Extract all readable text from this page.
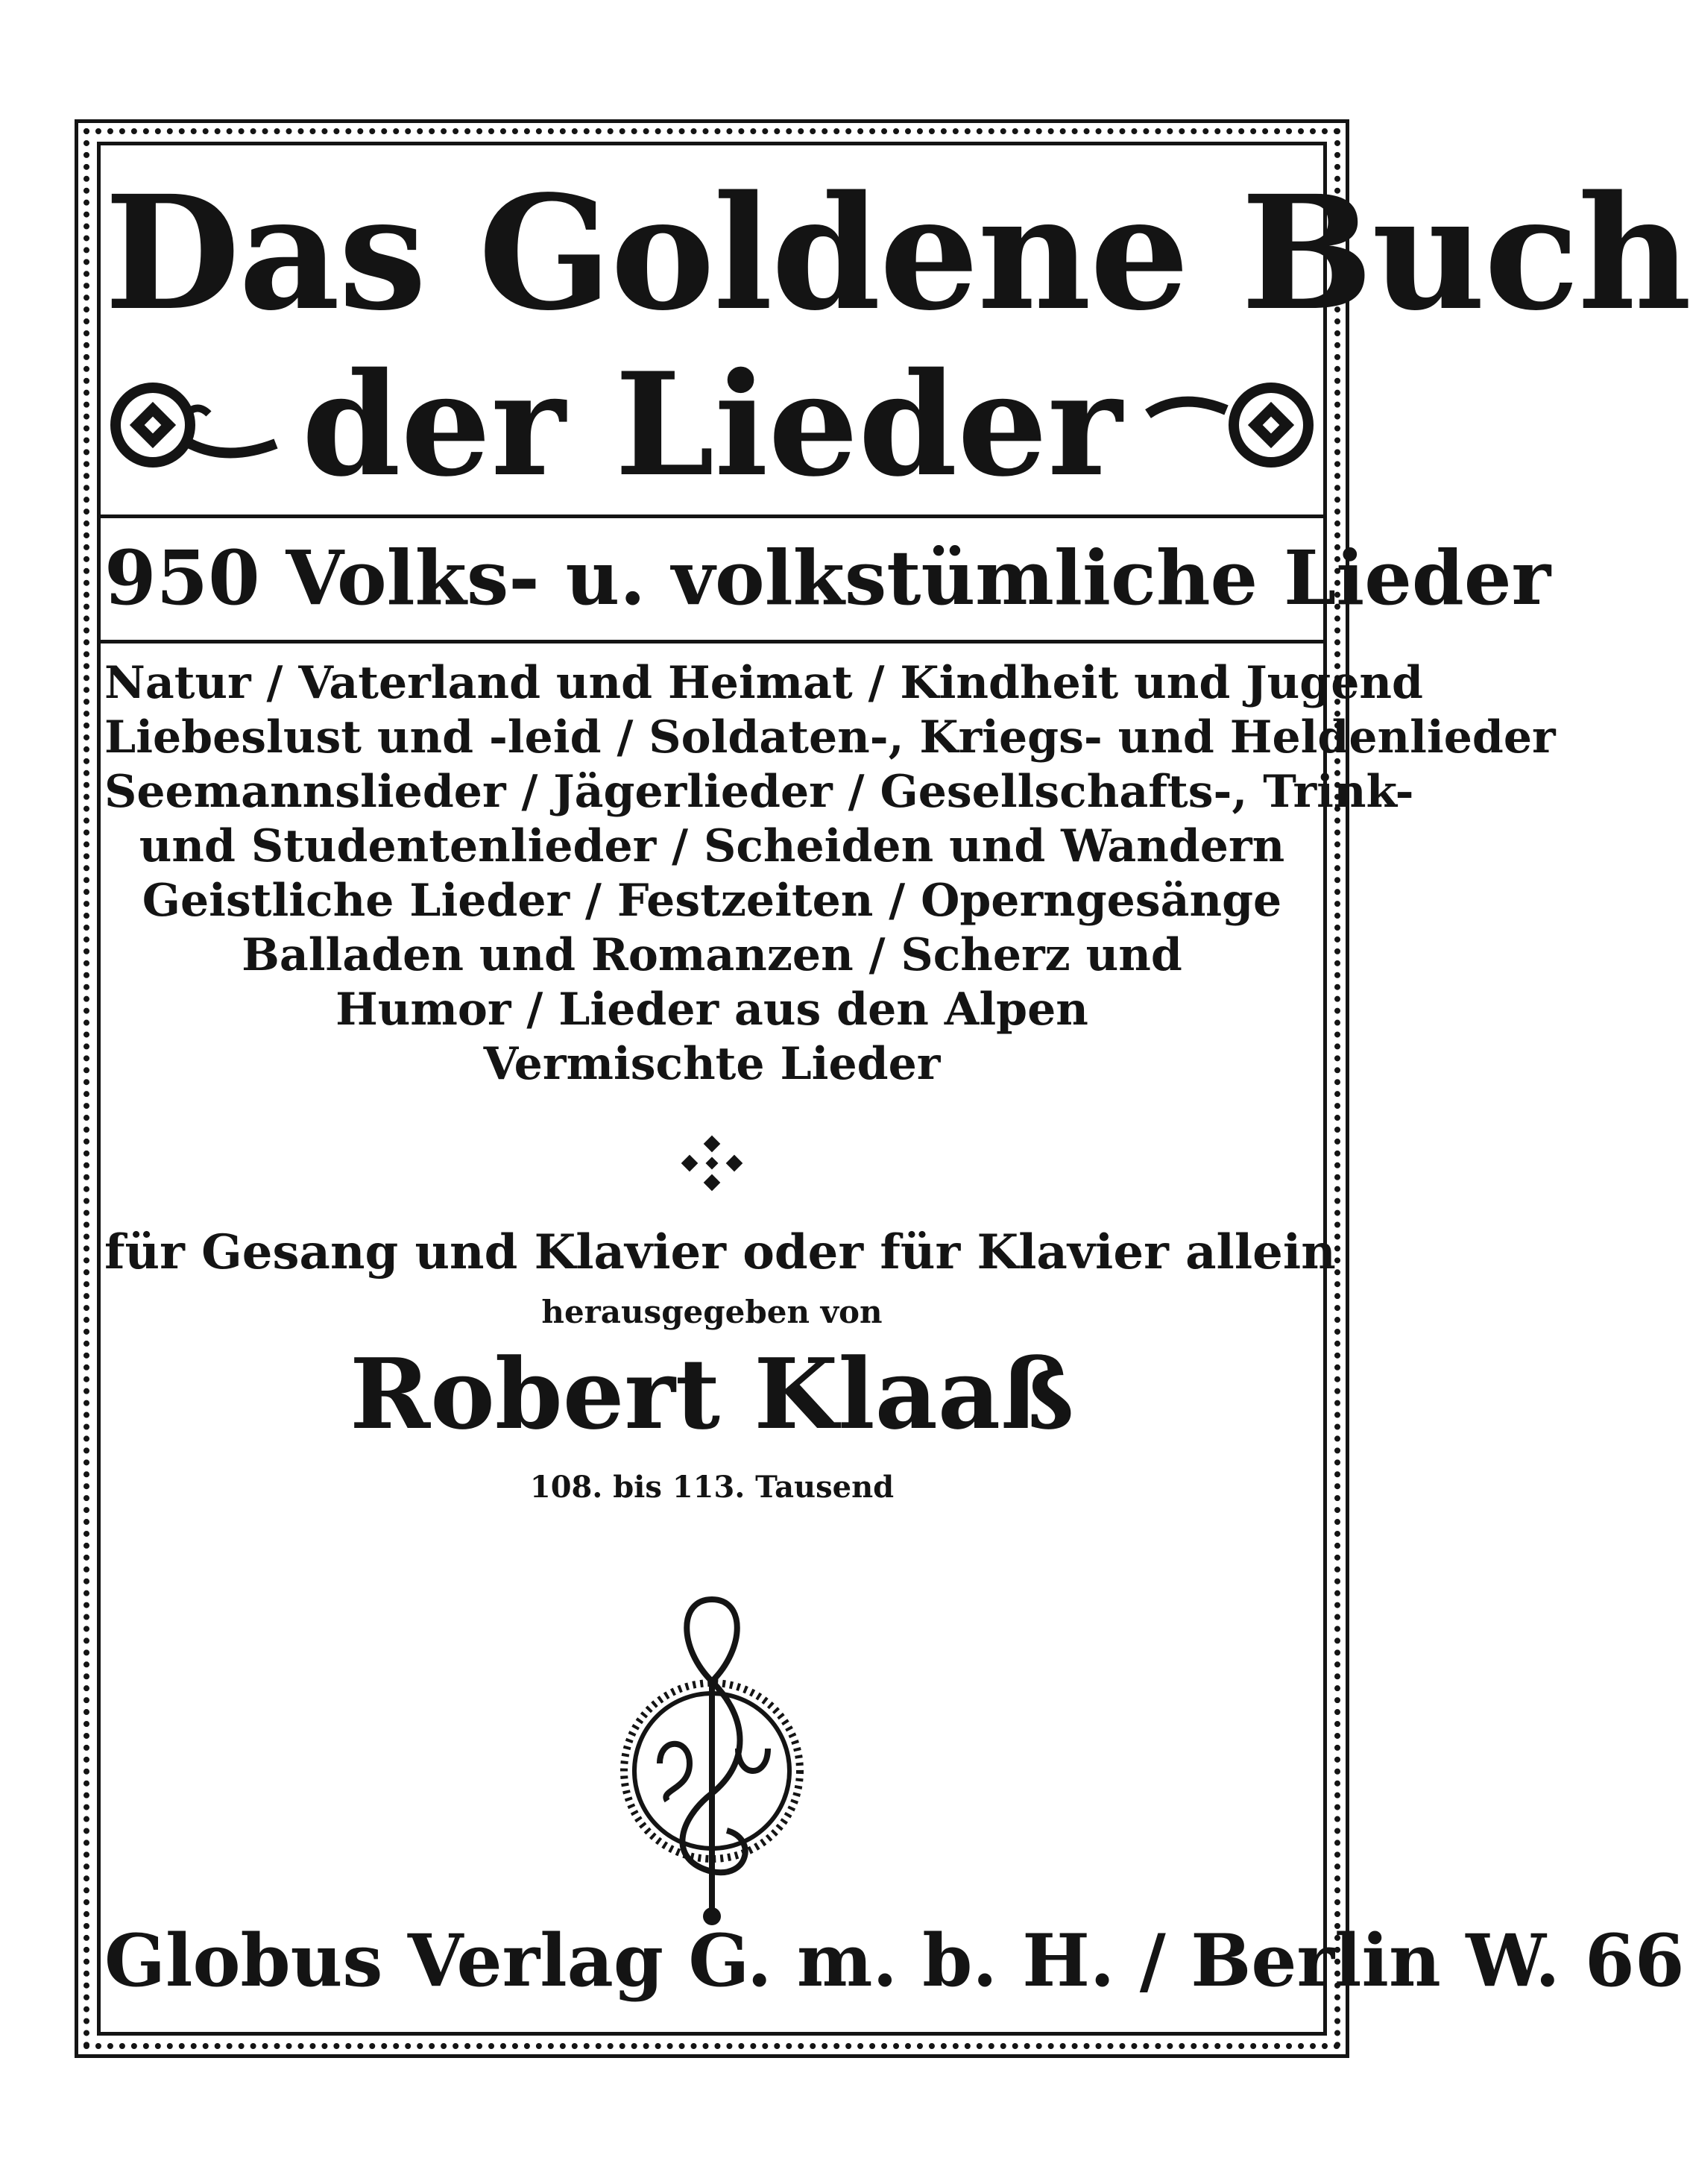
Das Goldene Buch
der Lieder
950 Volks- u. volkstümliche Lieder
Natur / Vaterland und Heimat / Kindheit und Jugend
Liebeslust und -leid / Soldaten-, Kriegs- und Heldenlieder
Seemannslieder / Jägerlieder / Gesellschafts-, Trink-
und Studentenlieder / Scheiden und Wandern
Geistliche Lieder / Festzeiten / Operngesänge
Balladen und Romanzen / Scherz und
Humor / Lieder aus den Alpen
Vermischte Lieder
für Gesang und Klavier oder für Klavier allein
herausgegeben von
Robert Klaaß
108. bis 113. Tausend
Globus Verlag G. m. b. H. / Berlin W. 66
